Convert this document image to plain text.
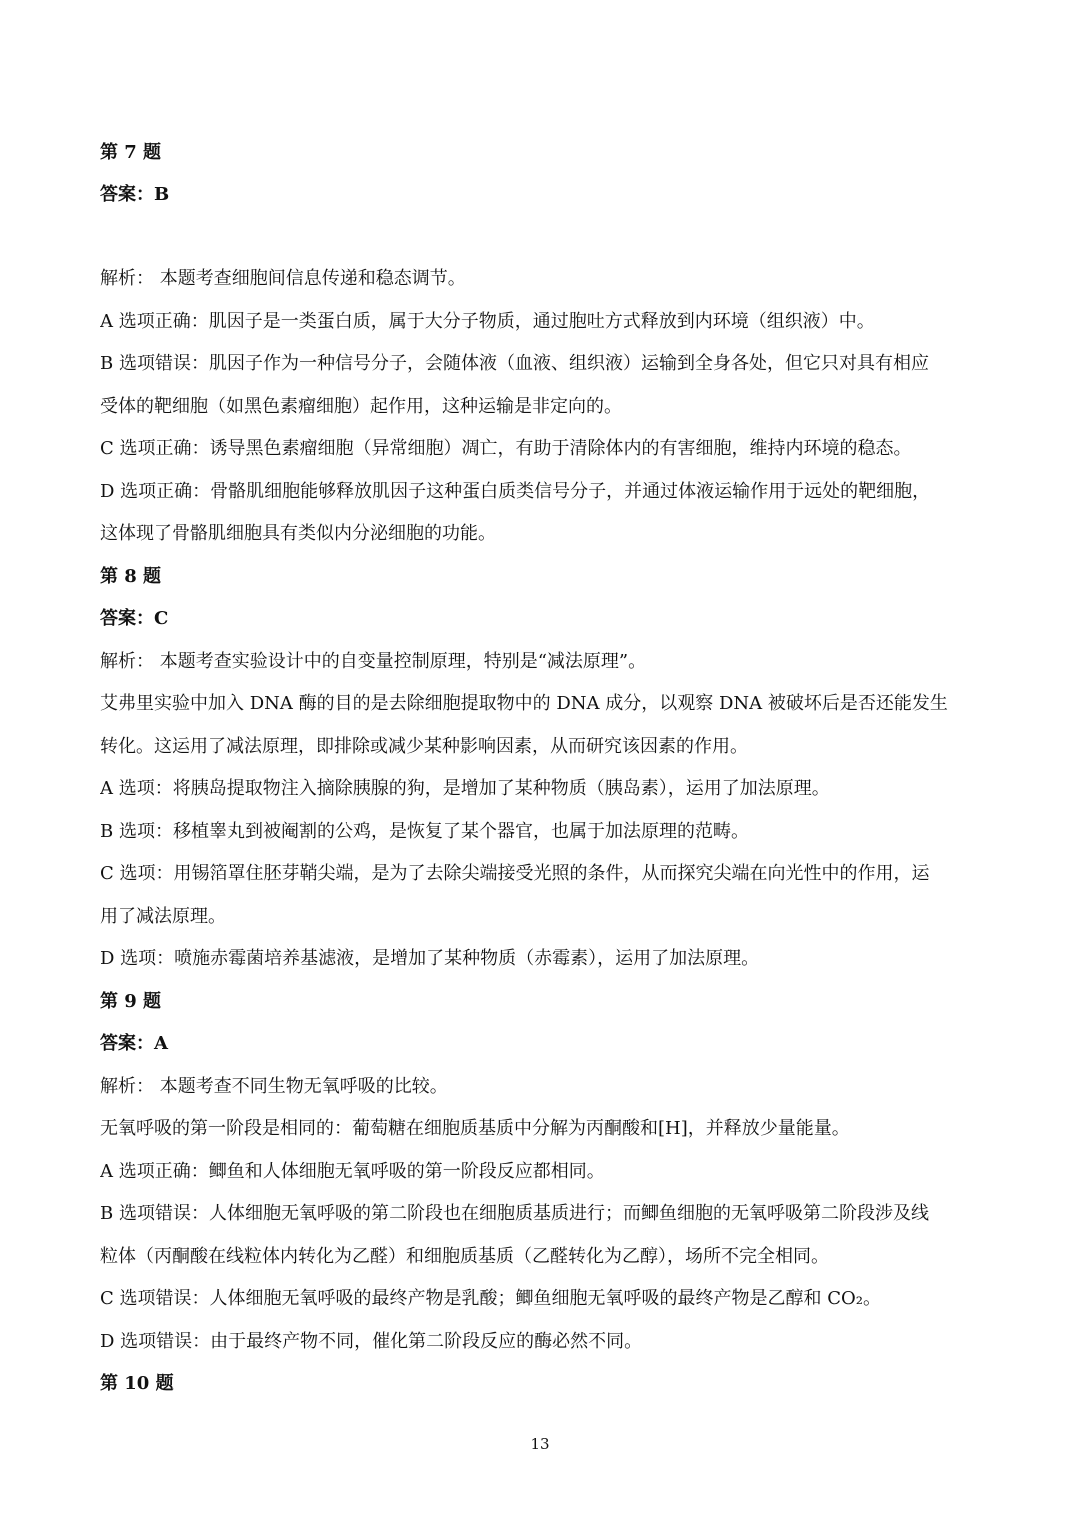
第 7 题
答案：B
解析： 本题考查细胞间信息传递和稳态调节。
A 选项正确：肌因子是一类蛋白质，属于大分子物质，通过胞吐方式释放到内环境（组织液）中。
B 选项错误：肌因子作为一种信号分子，会随体液（血液、组织液）运输到全身各处，但它只对具有相应
受体的靶细胞（如黑色素瘤细胞）起作用，这种运输是非定向的。
C 选项正确：诱导黑色素瘤细胞（异常细胞）凋亡，有助于清除体内的有害细胞，维持内环境的稳态。
D 选项正确：骨骼肌细胞能够释放肌因子这种蛋白质类信号分子，并通过体液运输作用于远处的靶细胞，
这体现了骨骼肌细胞具有类似内分泌细胞的功能。
第 8 题
答案：C
解析： 本题考查实验设计中的自变量控制原理，特别是“减法原理”。
艾弗里实验中加入 DNA 酶的目的是去除细胞提取物中的 DNA 成分，以观察 DNA 被破坏后是否还能发生
转化。这运用了减法原理，即排除或减少某种影响因素，从而研究该因素的作用。
A 选项：将胰岛提取物注入摘除胰腺的狗，是增加了某种物质（胰岛素），运用了加法原理。
B 选项：移植睾丸到被阉割的公鸡，是恢复了某个器官，也属于加法原理的范畴。
C 选项：用锡箔罩住胚芽鞘尖端，是为了去除尖端接受光照的条件，从而探究尖端在向光性中的作用，运
用了减法原理。
D 选项：喷施赤霉菌培养基滤液，是增加了某种物质（赤霉素），运用了加法原理。
第 9 题
答案：A
解析： 本题考查不同生物无氧呼吸的比较。
无氧呼吸的第一阶段是相同的：葡萄糖在细胞质基质中分解为丙酮酸和[H]，并释放少量能量。
A 选项正确：鲫鱼和人体细胞无氧呼吸的第一阶段反应都相同。
B 选项错误：人体细胞无氧呼吸的第二阶段也在细胞质基质进行；而鲫鱼细胞的无氧呼吸第二阶段涉及线
粒体（丙酮酸在线粒体内转化为乙醛）和细胞质基质（乙醛转化为乙醇），场所不完全相同。
C 选项错误：人体细胞无氧呼吸的最终产物是乳酸；鲫鱼细胞无氧呼吸的最终产物是乙醇和 CO₂。
D 选项错误：由于最终产物不同，催化第二阶段反应的酶必然不同。
第 10 题
13
